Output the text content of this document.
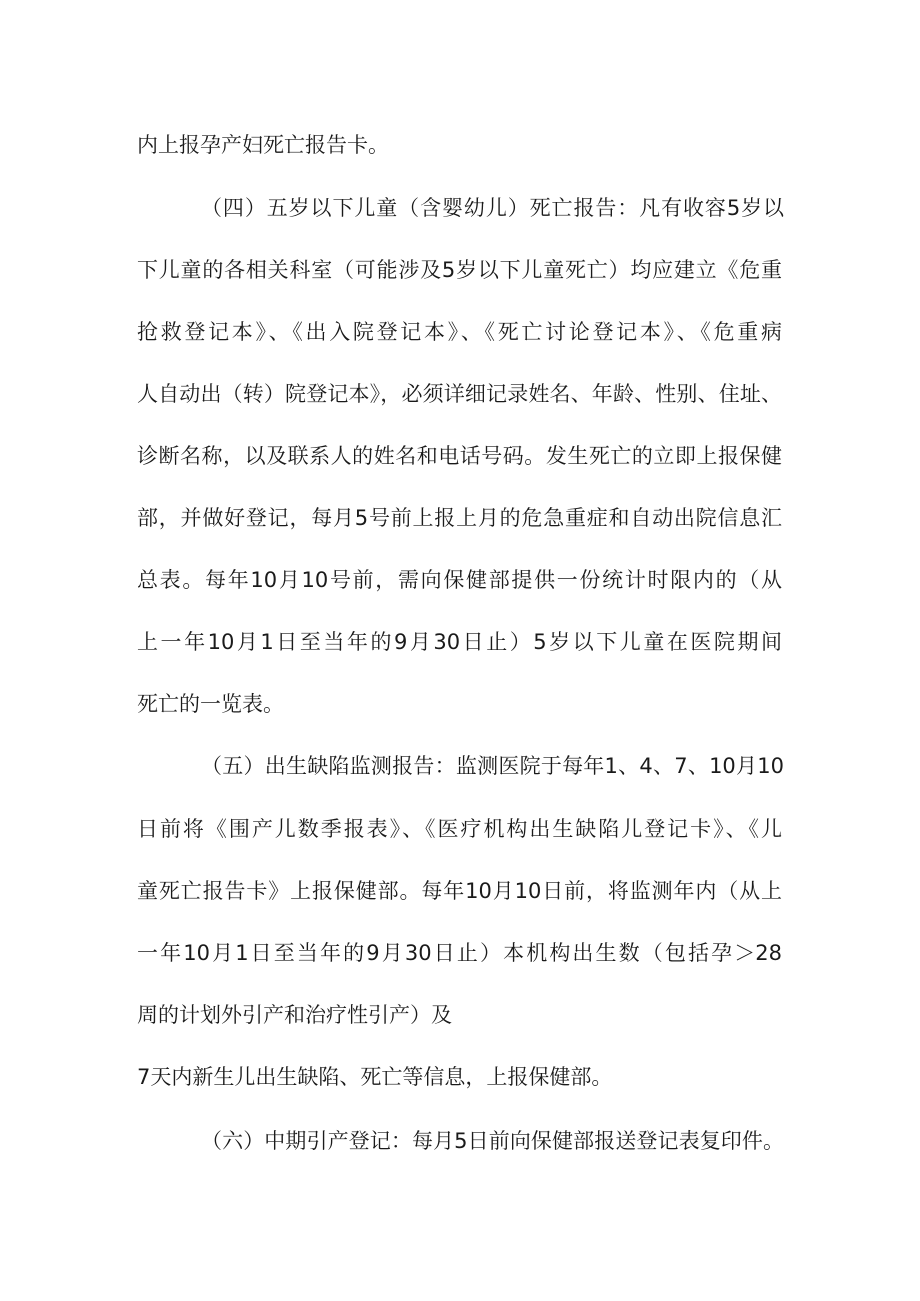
内上报孕产妇死亡报告卡。
（四）五岁以下儿童（含婴幼儿）死亡报告：凡有收容5岁以
下儿童的各相关科室（可能涉及5岁以下儿童死亡）均应建立《危重
抢救登记本》、《出入院登记本》、《死亡讨论登记本》、《危重病
人自动出（转）院登记本》，必须详细记录姓名、年龄、性别、住址、
诊断名称，以及联系人的姓名和电话号码。发生死亡的立即上报保健
部，并做好登记，每月5号前上报上月的危急重症和自动出院信息汇
总表。每年10月10号前，需向保健部提供一份统计时限内的（从
上一年10月1日至当年的9月30日止）5岁以下儿童在医院期间
死亡的一览表。
（五）出生缺陷监测报告：监测医院于每年1、4、7、10月10
日前将《围产儿数季报表》、《医疗机构出生缺陷儿登记卡》、《儿
童死亡报告卡》上报保健部。每年10月10日前，将监测年内（从上
一年10月1日至当年的9月30日止）本机构出生数（包括孕＞28
周的计划外引产和治疗性引产）及
7天内新生儿出生缺陷、死亡等信息，上报保健部。
（六）中期引产登记：每月5日前向保健部报送登记表复印件。
